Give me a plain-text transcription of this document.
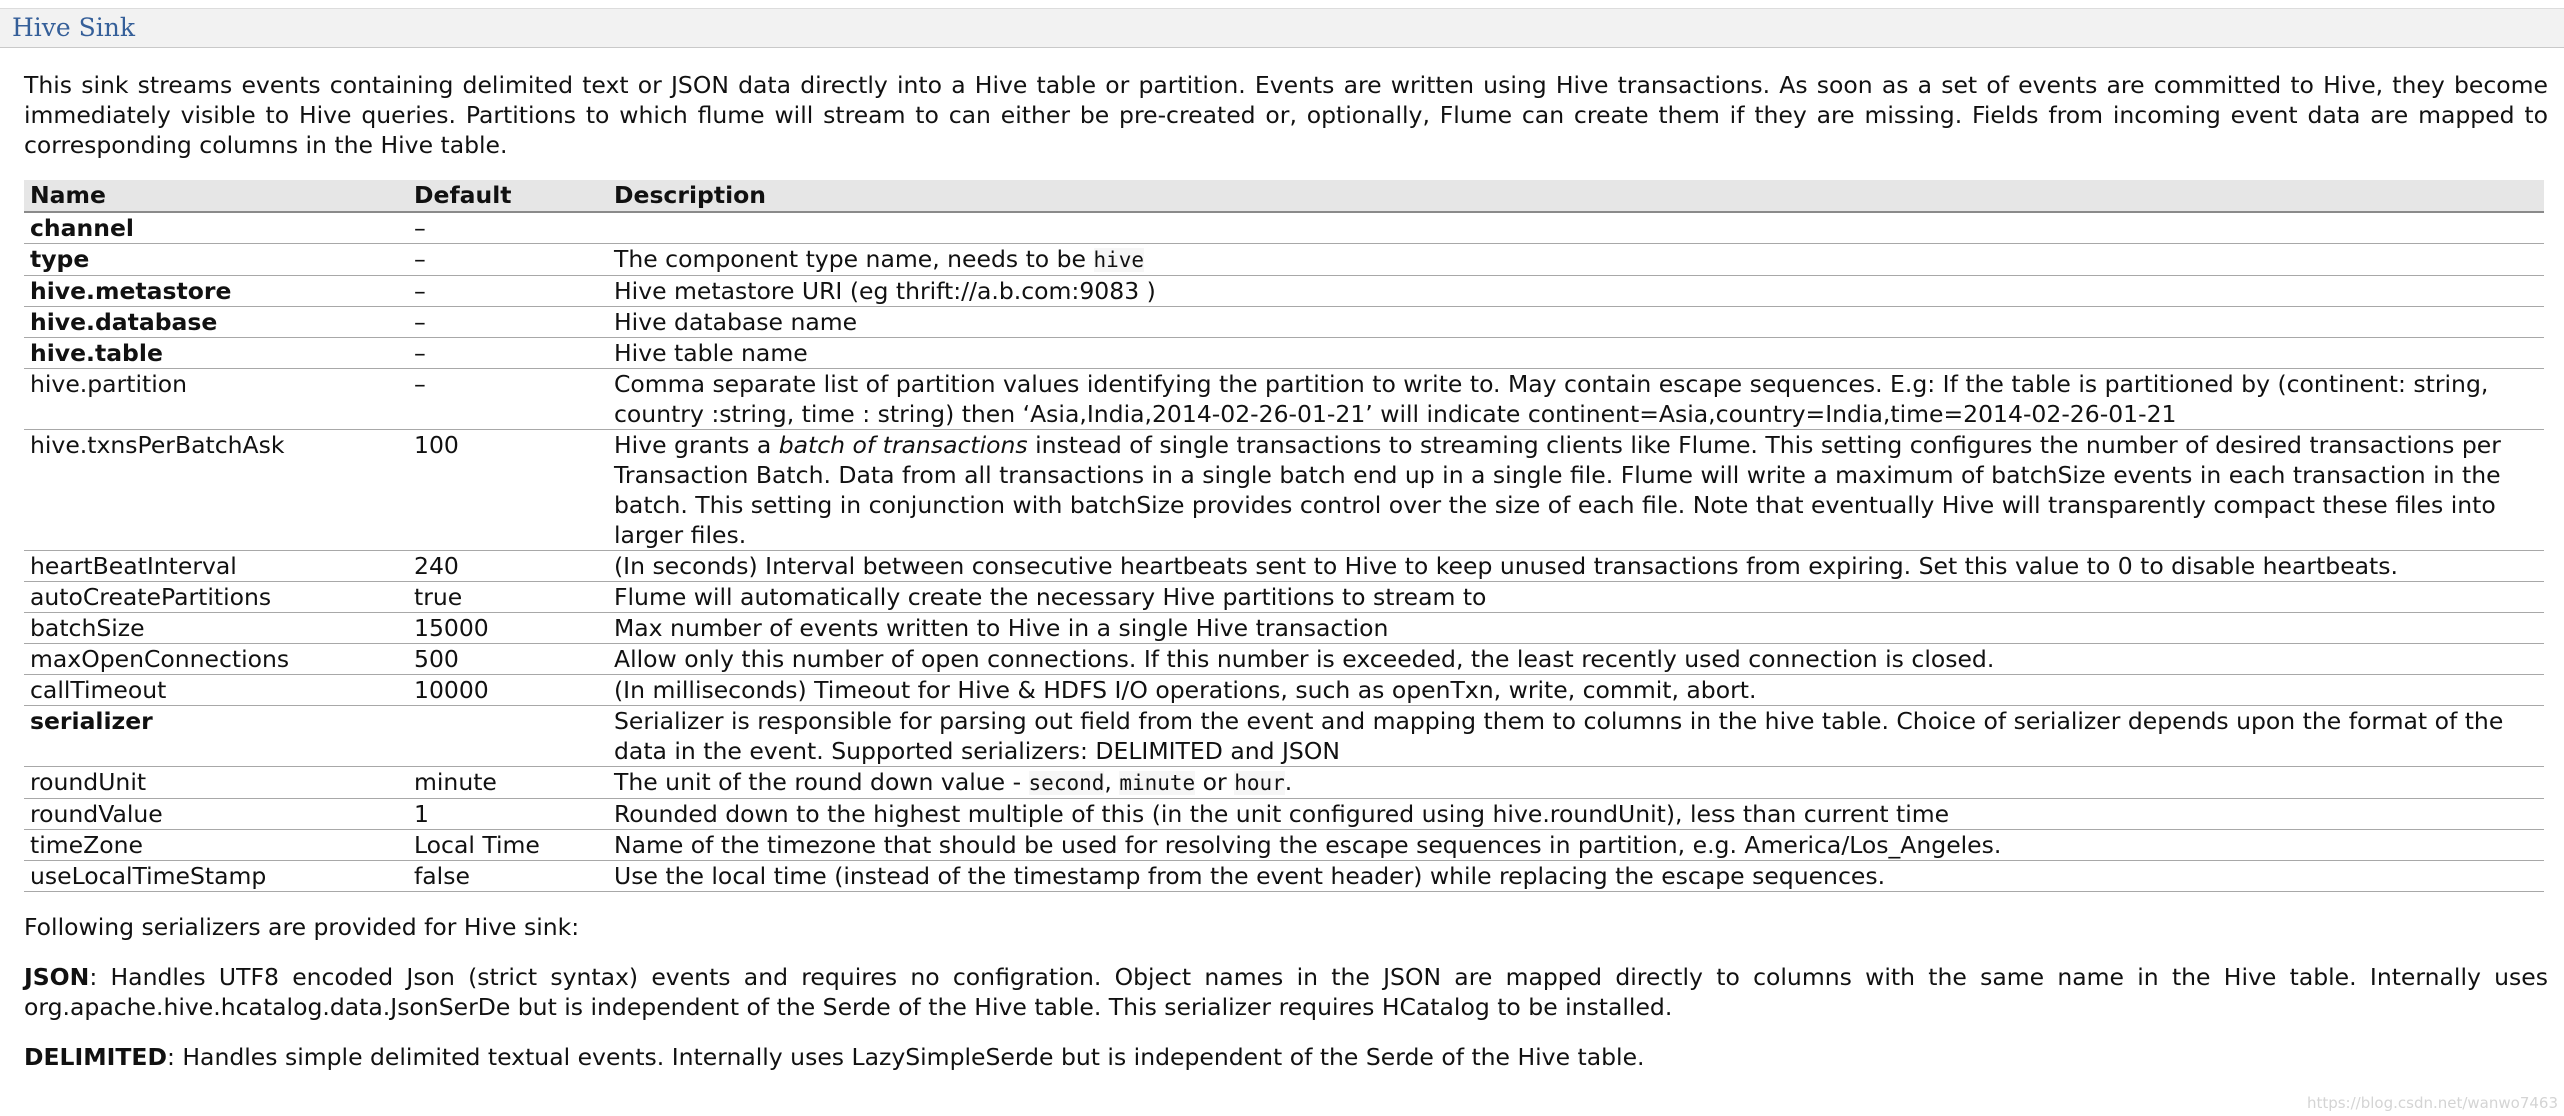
Hive Sink

This sink streams events containing delimited text or JSON data directly into a Hive table or partition. Events are written using Hive transactions. As soon as a set of events are committed to Hive, they become immediately visible to Hive queries. Partitions to which flume will stream to can either be pre-created or, optionally, Flume can create them if they are missing. Fields from incoming event data are mapped to corresponding columns in the Hive table.

Name	Default	Description
channel	–	
type	–	The component type name, needs to be hive
hive.metastore	–	Hive metastore URI (eg thrift://a.b.com:9083 )
hive.database	–	Hive database name
hive.table	–	Hive table name
hive.partition	–	Comma separate list of partition values identifying the partition to write to. May contain escape sequences. E.g: If the table is partitioned by (continent: string, country :string, time : string) then ‘Asia,India,2014-02-26-01-21’ will indicate continent=Asia,country=India,time=2014-02-26-01-21
hive.txnsPerBatchAsk	100	Hive grants a batch of transactions instead of single transactions to streaming clients like Flume. This setting configures the number of desired transactions per Transaction Batch. Data from all transactions in a single batch end up in a single file. Flume will write a maximum of batchSize events in each transaction in the batch. This setting in conjunction with batchSize provides control over the size of each file. Note that eventually Hive will transparently compact these files into larger files.
heartBeatInterval	240	(In seconds) Interval between consecutive heartbeats sent to Hive to keep unused transactions from expiring. Set this value to 0 to disable heartbeats.
autoCreatePartitions	true	Flume will automatically create the necessary Hive partitions to stream to
batchSize	15000	Max number of events written to Hive in a single Hive transaction
maxOpenConnections	500	Allow only this number of open connections. If this number is exceeded, the least recently used connection is closed.
callTimeout	10000	(In milliseconds) Timeout for Hive & HDFS I/O operations, such as openTxn, write, commit, abort.
serializer		Serializer is responsible for parsing out field from the event and mapping them to columns in the hive table. Choice of serializer depends upon the format of the data in the event. Supported serializers: DELIMITED and JSON
roundUnit	minute	The unit of the round down value - second, minute or hour.
roundValue	1	Rounded down to the highest multiple of this (in the unit configured using hive.roundUnit), less than current time
timeZone	Local Time	Name of the timezone that should be used for resolving the escape sequences in partition, e.g. America/Los_Angeles.
useLocalTimeStamp	false	Use the local time (instead of the timestamp from the event header) while replacing the escape sequences.

Following serializers are provided for Hive sink:

JSON: Handles UTF8 encoded Json (strict syntax) events and requires no configration. Object names in the JSON are mapped directly to columns with the same name in the Hive table. Internally uses org.apache.hive.hcatalog.data.JsonSerDe but is independent of the Serde of the Hive table. This serializer requires HCatalog to be installed.

DELIMITED: Handles simple delimited textual events. Internally uses LazySimpleSerde but is independent of the Serde of the Hive table.

https://blog.csdn.net/wanwo7463
